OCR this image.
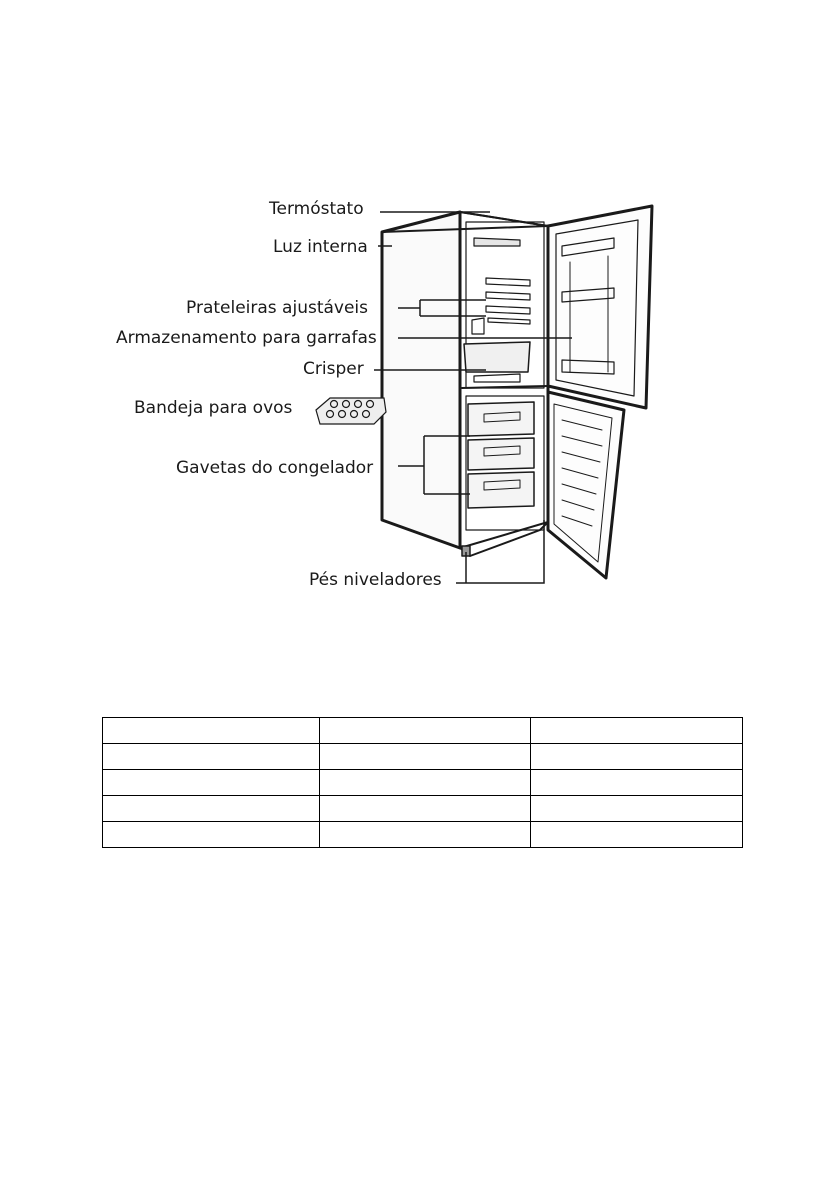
Termóstato
Luz interna
Prateleiras ajustáveis
Armazenamento para garrafas
Crisper
Bandeja para ovos
Gavetas do congelador
Pés niveladores
